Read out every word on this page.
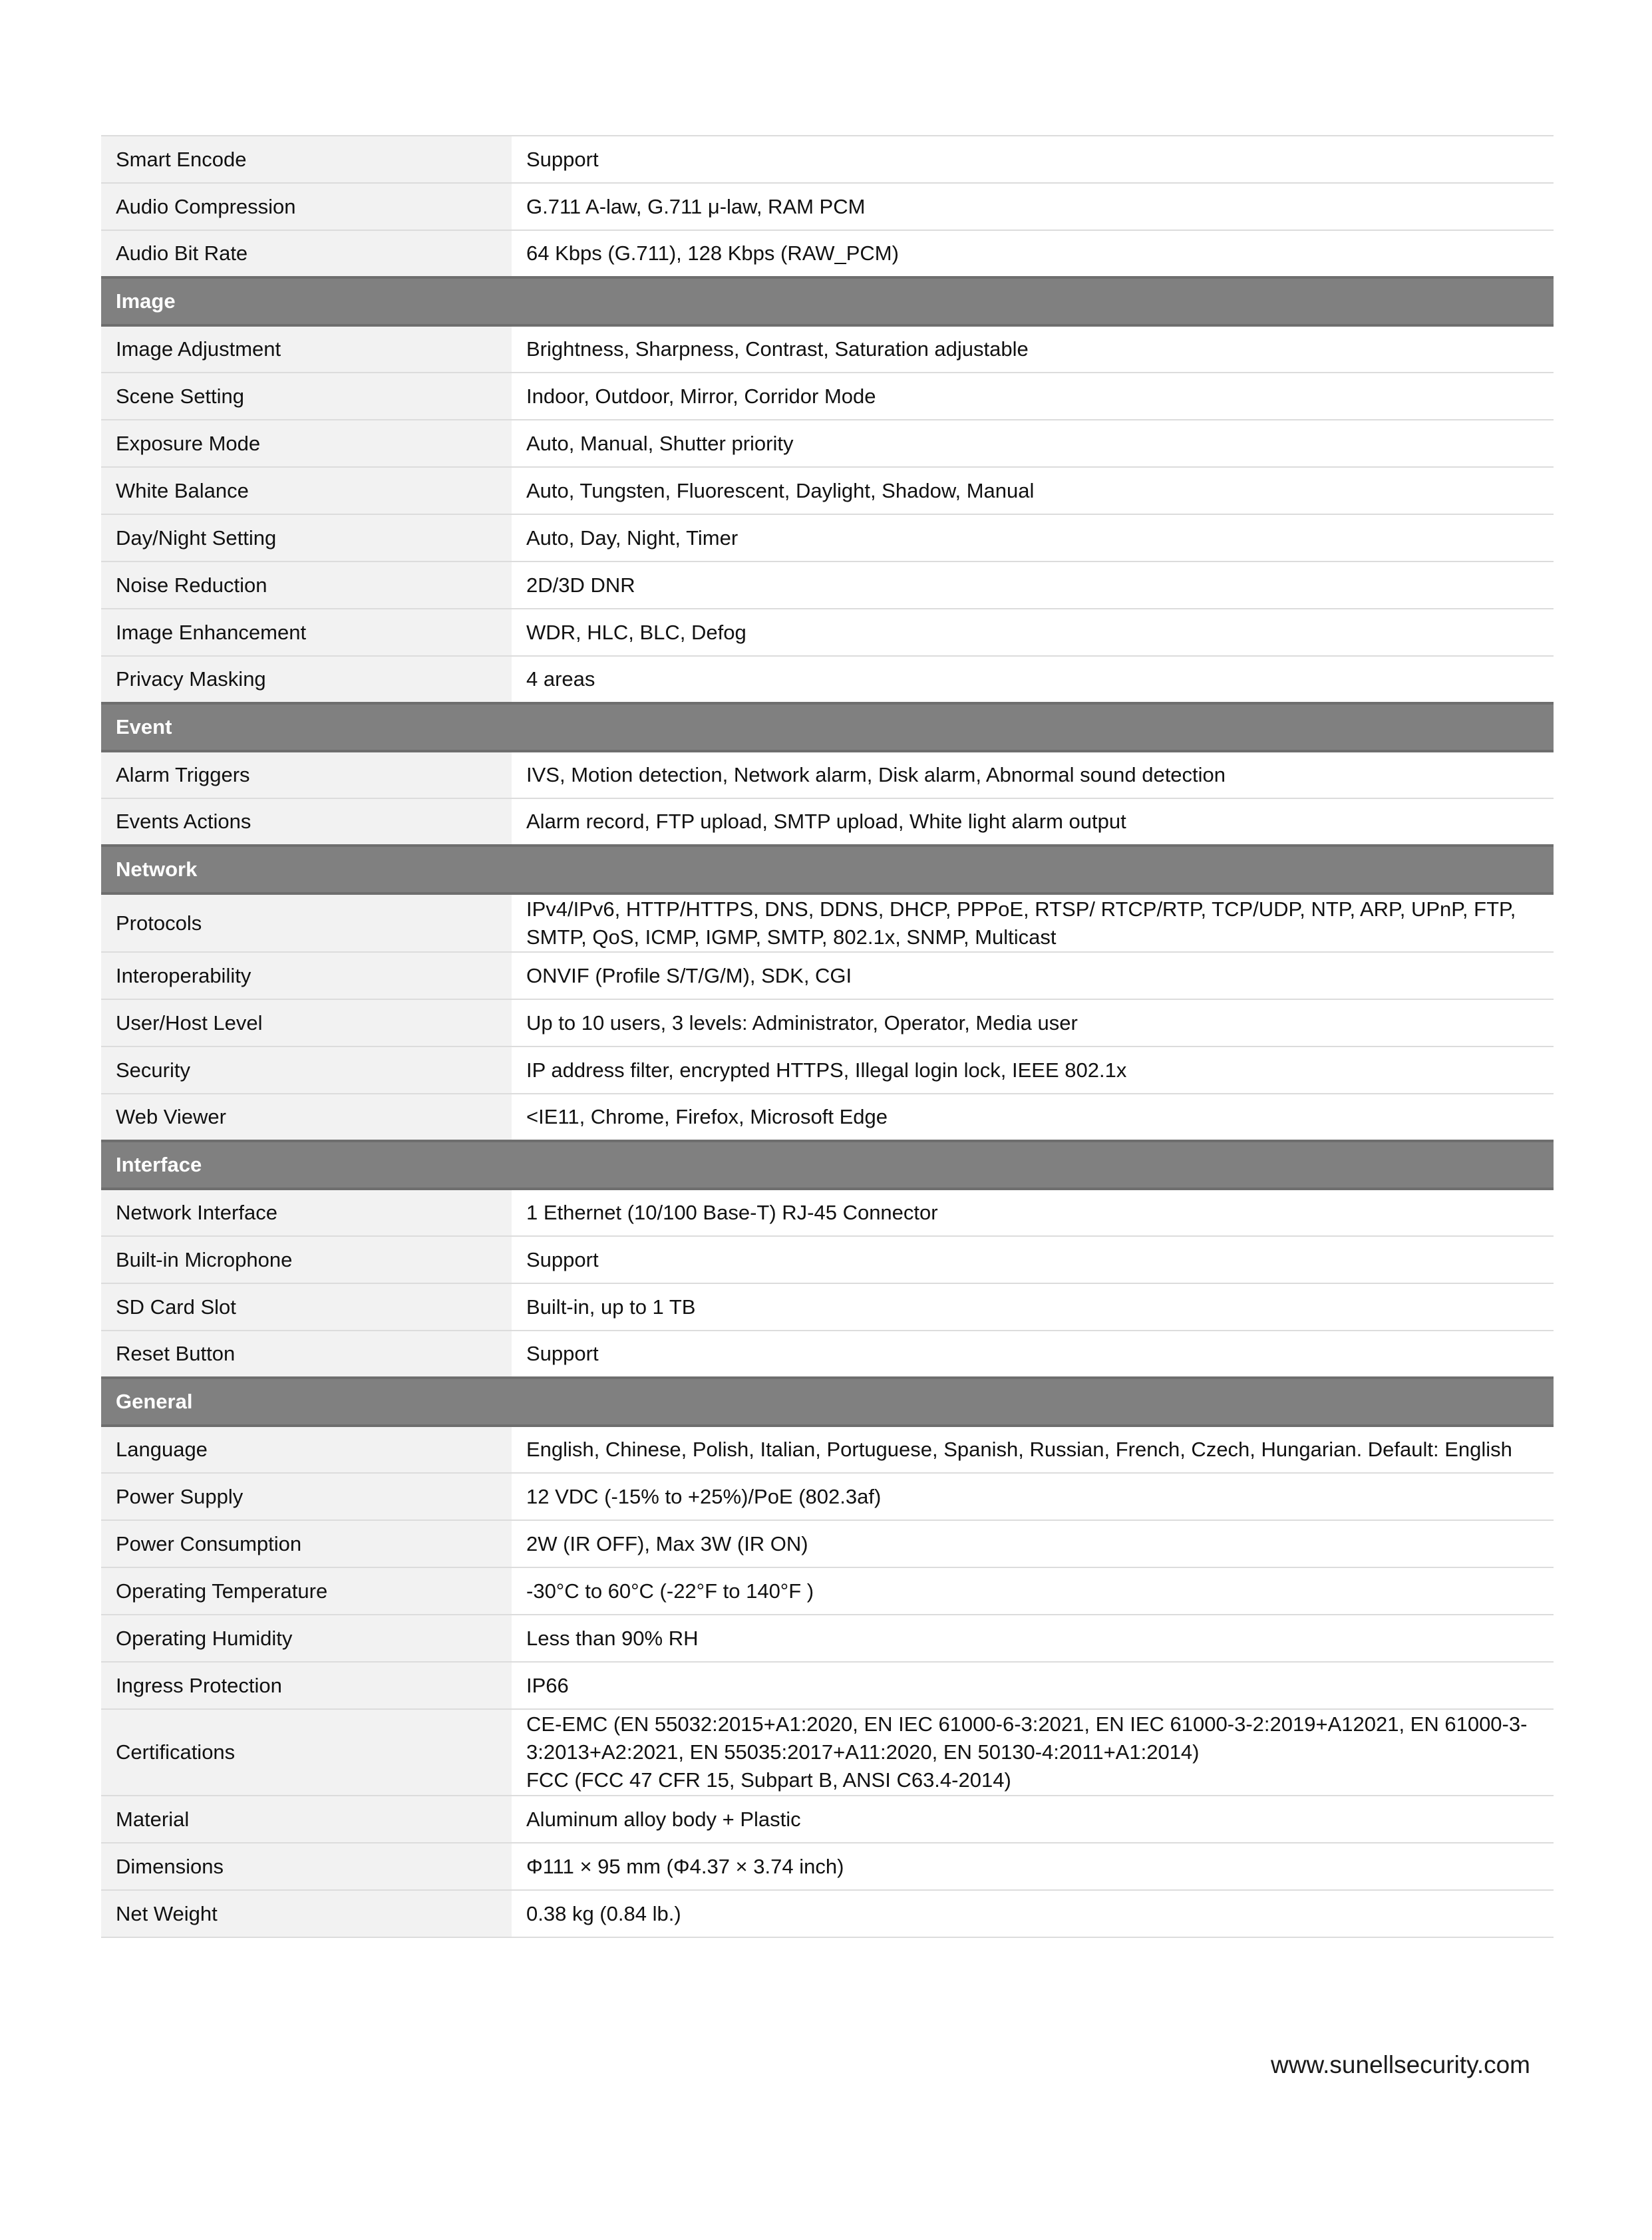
Smart Encode	Support
Audio Compression	G.711 A-law, G.711 μ-law, RAM PCM
Audio Bit Rate	64 Kbps (G.711), 128 Kbps (RAW_PCM)
Image	
Image Adjustment	Brightness, Sharpness, Contrast, Saturation adjustable
Scene Setting	Indoor, Outdoor, Mirror, Corridor Mode
Exposure Mode	Auto, Manual, Shutter priority
White Balance	Auto, Tungsten, Fluorescent, Daylight, Shadow, Manual
Day/Night Setting	Auto, Day, Night, Timer
Noise Reduction	2D/3D DNR
Image Enhancement	WDR, HLC, BLC, Defog
Privacy Masking	4 areas
Event	
Alarm Triggers	IVS, Motion detection, Network alarm, Disk alarm, Abnormal sound detection
Events Actions	Alarm record, FTP upload, SMTP upload, White light alarm output
Network	
Protocols	IPv4/IPv6, HTTP/HTTPS, DNS, DDNS, DHCP, PPPoE, RTSP/ RTCP/RTP, TCP/UDP, NTP, ARP, UPnP, FTP, SMTP, QoS, ICMP, IGMP, SMTP, 802.1x, SNMP, Multicast
Interoperability	ONVIF (Profile S/T/G/M), SDK, CGI
User/Host Level	Up to 10 users, 3 levels: Administrator, Operator, Media user
Security	IP address filter, encrypted HTTPS, Illegal login lock, IEEE 802.1x
Web Viewer	<IE11, Chrome, Firefox, Microsoft Edge
Interface	
Network Interface	1 Ethernet (10/100 Base-T) RJ-45 Connector
Built-in Microphone	Support
SD Card Slot	Built-in, up to 1 TB
Reset Button	Support
General	
Language	English, Chinese, Polish, Italian, Portuguese, Spanish, Russian, French, Czech, Hungarian. Default: English
Power Supply	12 VDC (-15% to +25%)/PoE (802.3af)
Power Consumption	2W (IR OFF), Max 3W (IR ON)
Operating Temperature	-30°C to 60°C (-22°F to 140°F )
Operating Humidity	Less than 90% RH
Ingress Protection	IP66
Certifications	CE-EMC (EN 55032:2015+A1:2020, EN IEC 61000-6-3:2021, EN IEC 61000-3-2:2019+A12021, EN 61000-3-3:2013+A2:2021, EN 55035:2017+A11:2020, EN 50130-4:2011+A1:2014)
FCC (FCC 47 CFR 15, Subpart B, ANSI C63.4-2014)
Material	Aluminum alloy body + Plastic
Dimensions	Φ111 × 95 mm (Φ4.37 × 3.74 inch)
Net Weight	0.38 kg (0.84 lb.)
www.sunellsecurity.com
